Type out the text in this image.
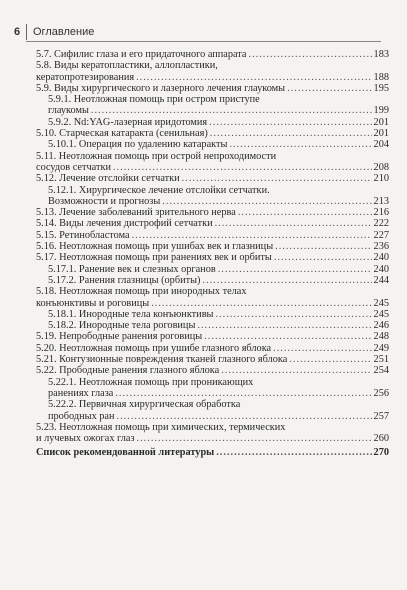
6 Оглавление
5.7. Сифилис глаза и его придаточного аппарата .....	183
5.8. Виды кератопластики, аллопластики,
кератопротезирования .....	188
5.9. Виды хирургического и лазерного лечения глаукомы .....	195
5.9.1. Неотложная помощь при остром приступе
глаукомы .....	199
5.9.2. Nd:YAG-лазерная иридотомия .....	201
5.10. Старческая катаракта (сенильная) .....	201
5.10.1. Операция по удалению катаракты .....	204
5.11. Неотложная помощь при острой непроходимости
сосудов сетчатки .....	208
5.12. Лечение отслойки сетчатки .....	210
5.12.1. Хирургическое лечение отслойки сетчатки.
Возможности и прогнозы .....	213
5.13. Лечение заболеваний зрительного нерва .....	216
5.14. Виды лечения дистрофий сетчатки .....	222
5.15. Ретинобластома .....	227
5.16. Неотложная помощь при ушибах век и глазницы .....	236
5.17. Неотложная помощь при ранениях век и орбиты .....	240
5.17.1. Ранение век и слезных органов .....	240
5.17.2. Ранения глазницы (орбиты) .....	244
5.18. Неотложная помощь при инородных телах
конъюнктивы и роговицы .....	245
5.18.1. Инородные тела конъюнктивы .....	245
5.18.2. Инородные тела роговицы .....	246
5.19. Непрободные ранения роговицы .....	248
5.20. Неотложная помощь при ушибе глазного яблока .....	249
5.21. Контузионные повреждения тканей глазного яблока .....	251
5.22. Прободные ранения глазного яблока .....	254
5.22.1. Неотложная помощь при проникающих
ранениях глаза .....	256
5.22.2. Первичная хирургическая обработка
прободных ран .....	257
5.23. Неотложная помощь при химических, термических
и лучевых ожогах глаз .....	260
Список рекомендованной литературы .....	270
